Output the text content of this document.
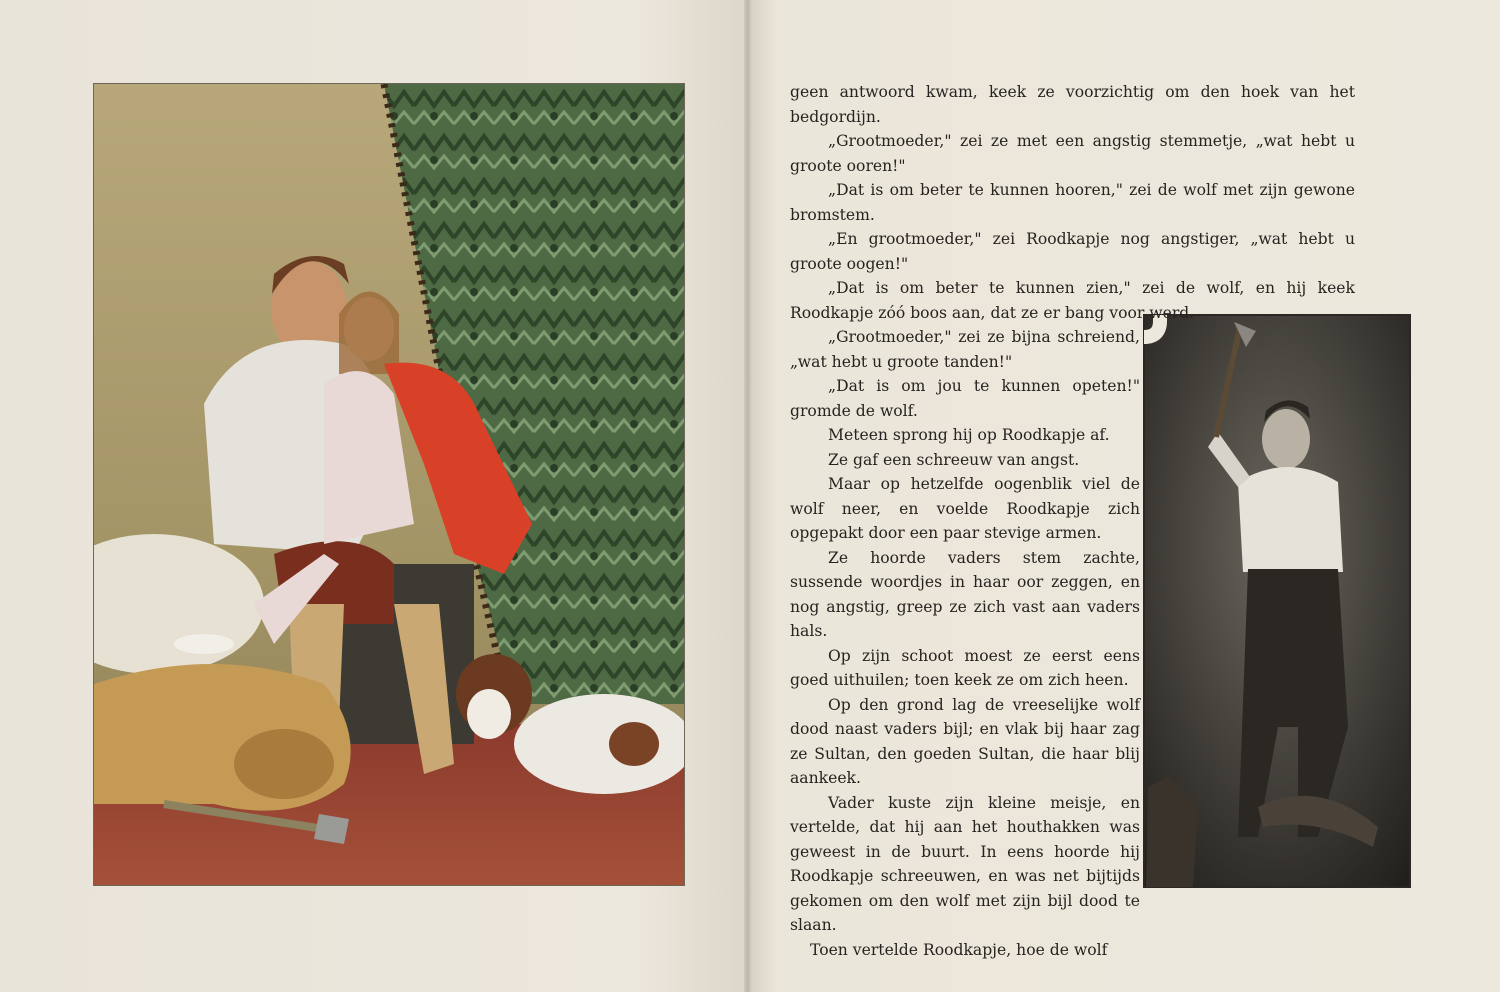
geen antwoord kwam, keek ze voorzichtig om den hoek van het bedgordijn.

„Grootmoeder," zei ze met een angstig stemmetje, „wat hebt u groote ooren!"

„Dat is om beter te kunnen hooren," zei de wolf met zijn gewone bromstem.

„En grootmoeder," zei Roodkapje nog angstiger, „wat hebt u groote oogen!"

„Dat is om beter te kunnen zien," zei de wolf, en hij keek Roodkapje zóó boos aan, dat ze er bang voor werd.

„Grootmoeder," zei ze bijna schreiend, „wat hebt u groote tanden!"

„Dat is om jou te kunnen opeten!" gromde de wolf.

Meteen sprong hij op Roodkapje af.

Ze gaf een schreeuw van angst.

Maar op hetzelfde oogenblik viel de wolf neer, en voelde Roodkapje zich opgepakt door een paar stevige armen.

Ze hoorde vaders stem zachte, sussende woordjes in haar oor zeggen, en nog angstig, greep ze zich vast aan vaders hals.

Op zijn schoot moest ze eerst eens goed uithuilen; toen keek ze om zich heen.

Op den grond lag de vreeselijke wolf dood naast vaders bijl; en vlak bij haar zag ze Sultan, den goeden Sultan, die haar blij aankeek.

Vader kuste zijn kleine meisje, en vertelde, dat hij aan het houthakken was geweest in de buurt. In eens hoorde hij Roodkapje schreeuwen, en was net bijtijds gekomen om den wolf met zijn bijl dood te slaan.

Toen vertelde Roodkapje, hoe de wolf
